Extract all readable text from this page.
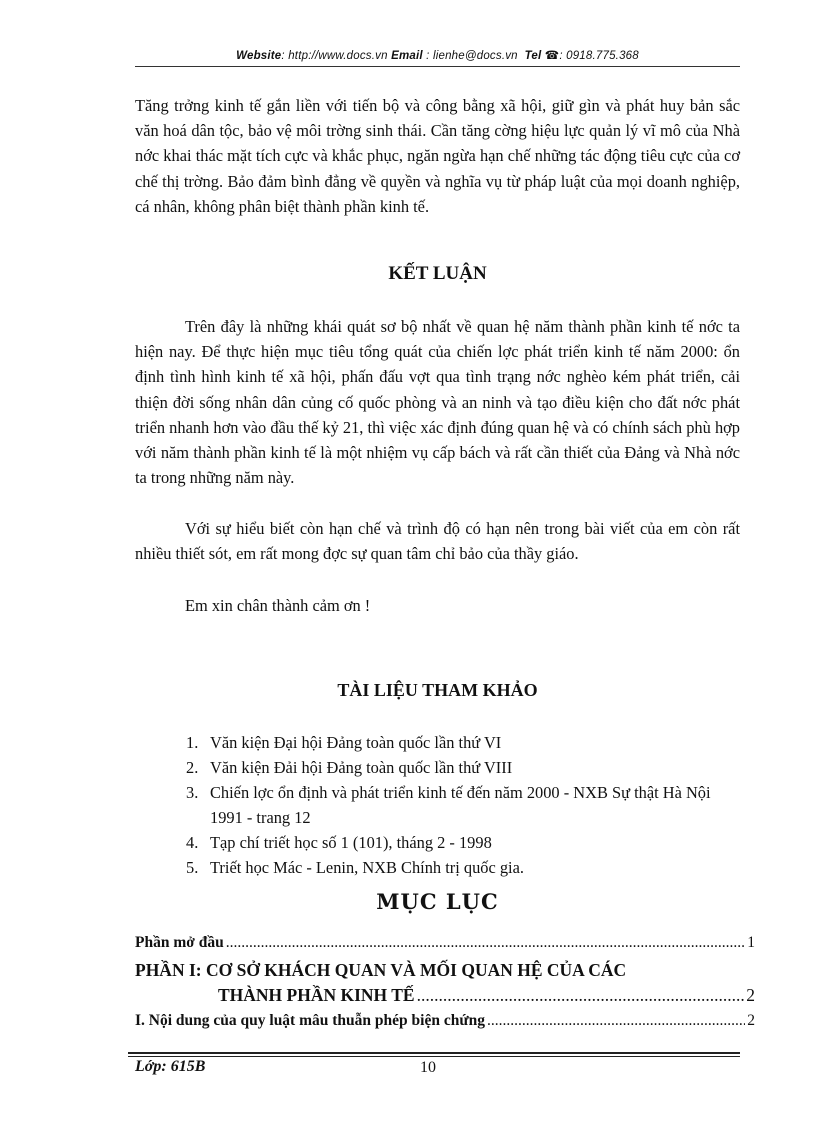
Website: http://www.docs.vn Email : lienhe@docs.vn Tel ☎: 0918.775.368

Tăng trởng kinh tế gắn liền với tiến bộ và công bằng xã hội, giữ gìn và phát huy bản sắc văn hoá dân tộc, bảo vệ môi trờng sinh thái. Cần tăng cờng hiệu lực quản lý vĩ mô của Nhà nớc khai thác mặt tích cực và khắc phục, ngăn ngừa hạn chế những tác động tiêu cực của cơ chế thị trờng. Bảo đảm bình đẳng về quyền và nghĩa vụ từ pháp luật của mọi doanh nghiệp, cá nhân, không phân biệt thành phần kinh tế.

KẾT LUẬN

Trên đây là những khái quát sơ bộ nhất về quan hệ năm thành phần kinh tế nớc ta hiện nay. Để thực hiện mục tiêu tổng quát của chiến lợc phát triển kinh tế năm 2000: ổn định tình hình kinh tế xã hội, phấn đấu vợt qua tình trạng nớc nghèo kém phát triển, cải thiện đời sống nhân dân củng cố quốc phòng và an ninh và tạo điều kiện cho đất nớc phát triển nhanh hơn vào đầu thế kỷ 21, thì việc xác định đúng quan hệ và có chính sách phù hợp với năm thành phần kinh tế là một nhiệm vụ cấp bách và rất cần thiết của Đảng và Nhà nớc ta trong những năm này.

Với sự hiểu biết còn hạn chế và trình độ có hạn nên trong bài viết của em còn rất nhiều thiết sót, em rất mong đợc sự quan tâm chỉ bảo của thầy giáo.

Em xin chân thành cảm ơn !

TÀI LIỆU THAM KHẢO
1. Văn kiện Đại hội Đảng toàn quốc lần thứ VI
2. Văn kiện Đải hội Đảng toàn quốc lần thứ VIII
3. Chiến lợc ổn định và phát triển kinh tế đến năm 2000 - NXB Sự thật Hà Nội 1991 - trang 12
4. Tạp chí triết học số 1 (101), tháng 2 - 1998
5. Triết học Mác - Lenin, NXB Chính trị quốc gia.
MỤC LỤC
Phần mở đầu .....	1
PHẦN I: CƠ SỞ KHÁCH QUAN VÀ MỐI QUAN HỆ CỦA CÁC
THÀNH PHẦN KINH TẾ .....	2
I. Nội dung của quy luật mâu thuẫn phép biện chứng .....	2
Lớp: 615B	10
